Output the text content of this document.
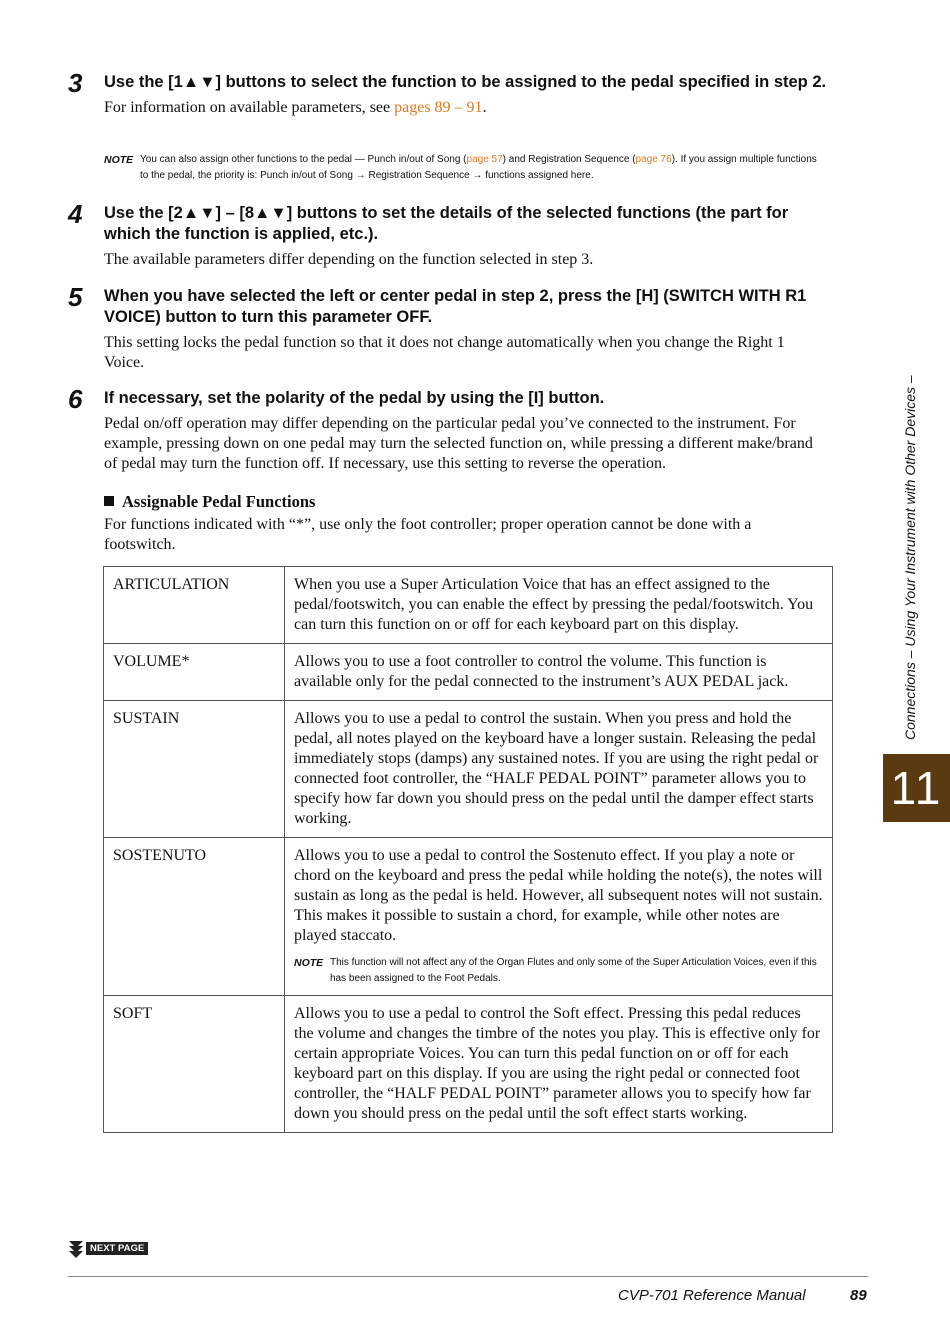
3 Use the [1▲▼] buttons to select the function to be assigned to the pedal specified in step 2.
For information on available parameters, see pages 89 – 91.
NOTE You can also assign other functions to the pedal — Punch in/out of Song (page 57) and Registration Sequence (page 76). If you assign multiple functions to the pedal, the priority is: Punch in/out of Song → Registration Sequence → functions assigned here.
4 Use the [2▲▼] – [8▲▼] buttons to set the details of the selected functions (the part for which the function is applied, etc.).
The available parameters differ depending on the function selected in step 3.
5 When you have selected the left or center pedal in step 2, press the [H] (SWITCH WITH R1 VOICE) button to turn this parameter OFF.
This setting locks the pedal function so that it does not change automatically when you change the Right 1 Voice.
6 If necessary, set the polarity of the pedal by using the [I] button.
Pedal on/off operation may differ depending on the particular pedal you’ve connected to the instrument. For example, pressing down on one pedal may turn the selected function on, while pressing a different make/brand of pedal may turn the function off. If necessary, use this setting to reverse the operation.
Assignable Pedal Functions
For functions indicated with “*”, use only the foot controller; proper operation cannot be done with a footswitch.
ARTICULATION	When you use a Super Articulation Voice that has an effect assigned to the pedal/footswitch, you can enable the effect by pressing the pedal/footswitch. You can turn this function on or off for each keyboard part on this display.
VOLUME*	Allows you to use a foot controller to control the volume. This function is available only for the pedal connected to the instrument’s AUX PEDAL jack.
SUSTAIN	Allows you to use a pedal to control the sustain. When you press and hold the pedal, all notes played on the keyboard have a longer sustain. Releasing the pedal immediately stops (damps) any sustained notes. If you are using the right pedal or connected foot controller, the “HALF PEDAL POINT” parameter allows you to specify how far down you should press on the pedal until the damper effect starts working.
SOSTENUTO	Allows you to use a pedal to control the Sostenuto effect. If you play a note or chord on the keyboard and press the pedal while holding the note(s), the notes will sustain as long as the pedal is held. However, all subsequent notes will not sustain. This makes it possible to sustain a chord, for example, while other notes are played staccato.
NOTE This function will not affect any of the Organ Flutes and only some of the Super Articulation Voices, even if this has been assigned to the Foot Pedals.

SOFT	Allows you to use a pedal to control the Soft effect. Pressing this pedal reduces the volume and changes the timbre of the notes you play. This is effective only for certain appropriate Voices. You can turn this pedal function on or off for each keyboard part on this display. If you are using the right pedal or connected foot controller, the “HALF PEDAL POINT” parameter allows you to specify how far down you should press on the pedal until the soft effect starts working.
Connections – Using Your Instrument with Other Devices –
11
NEXT PAGE
CVP-701 Reference Manual	89
